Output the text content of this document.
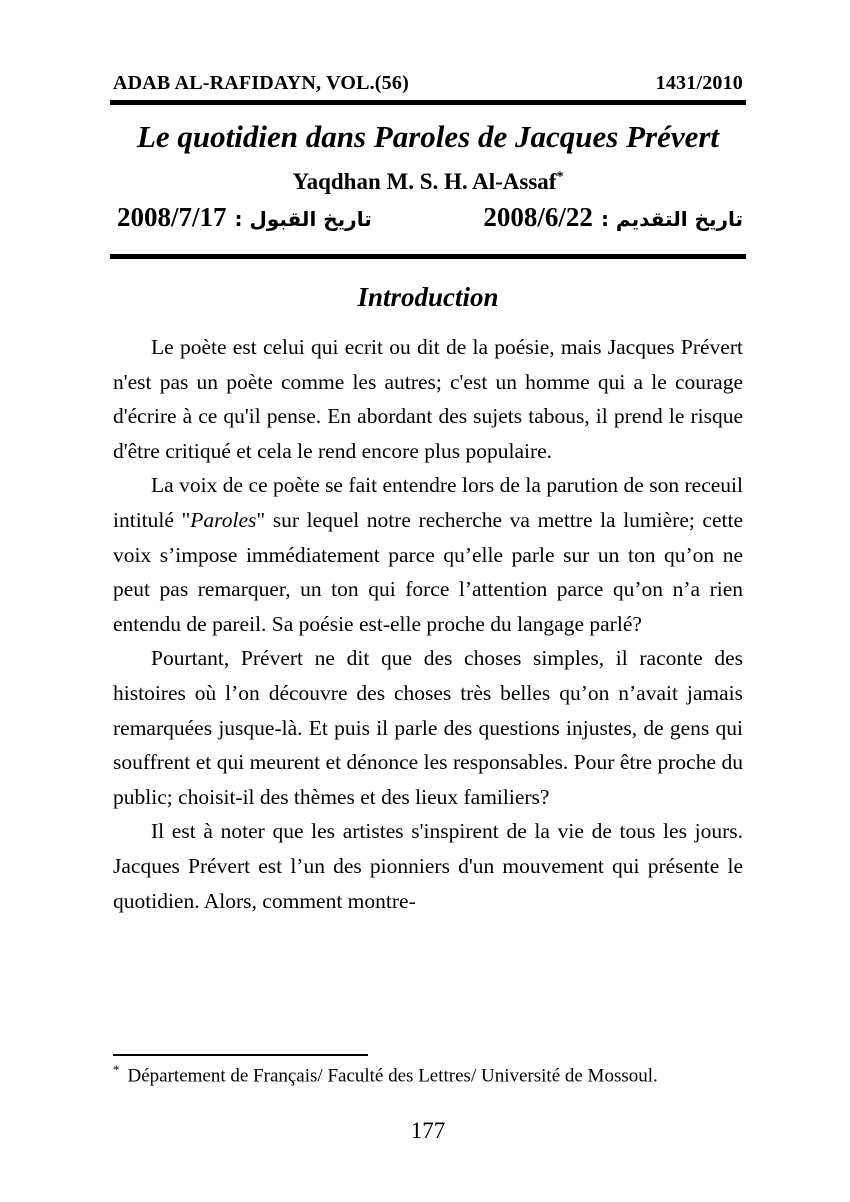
ADAB AL-RAFIDAYN, VOL.(56)	1431/2010
Le quotidien dans Paroles de Jacques Prévert
Yaqdhan M. S. H. Al-Assaf*
تاريخ القبول : 2008/7/17	تاريخ التقديم : 2008/6/22
Introduction

Le poète est celui qui ecrit ou dit de la poésie, mais Jacques Prévert n'est pas un poète comme les autres; c'est un homme qui a le courage d'écrire à ce qu'il pense. En abordant des sujets tabous, il prend le risque d'être critiqué et cela le rend encore plus populaire.

La voix de ce poète se fait entendre lors de la parution de son receuil intitulé "Paroles" sur lequel notre recherche va mettre la lumière; cette voix s’impose immédiatement parce qu’elle parle sur un ton qu’on ne peut pas remarquer, un ton qui force l’attention parce qu’on n’a rien entendu de pareil. Sa poésie est-elle proche du langage parlé?

Pourtant, Prévert ne dit que des choses simples, il raconte des histoires où l’on découvre des choses très belles qu’on n’avait jamais remarquées jusque-là. Et puis il parle des questions injustes, de gens qui souffrent et qui meurent et dénonce les responsables. Pour être proche du public; choisit-il des thèmes et des lieux familiers?

Il est à noter que les artistes s'inspirent de la vie de tous les jours. Jacques Prévert est l’un des pionniers d'un mouvement qui présente le quotidien. Alors, comment montre-

* Département de Français/ Faculté des Lettres/ Université de Mossoul.
177
